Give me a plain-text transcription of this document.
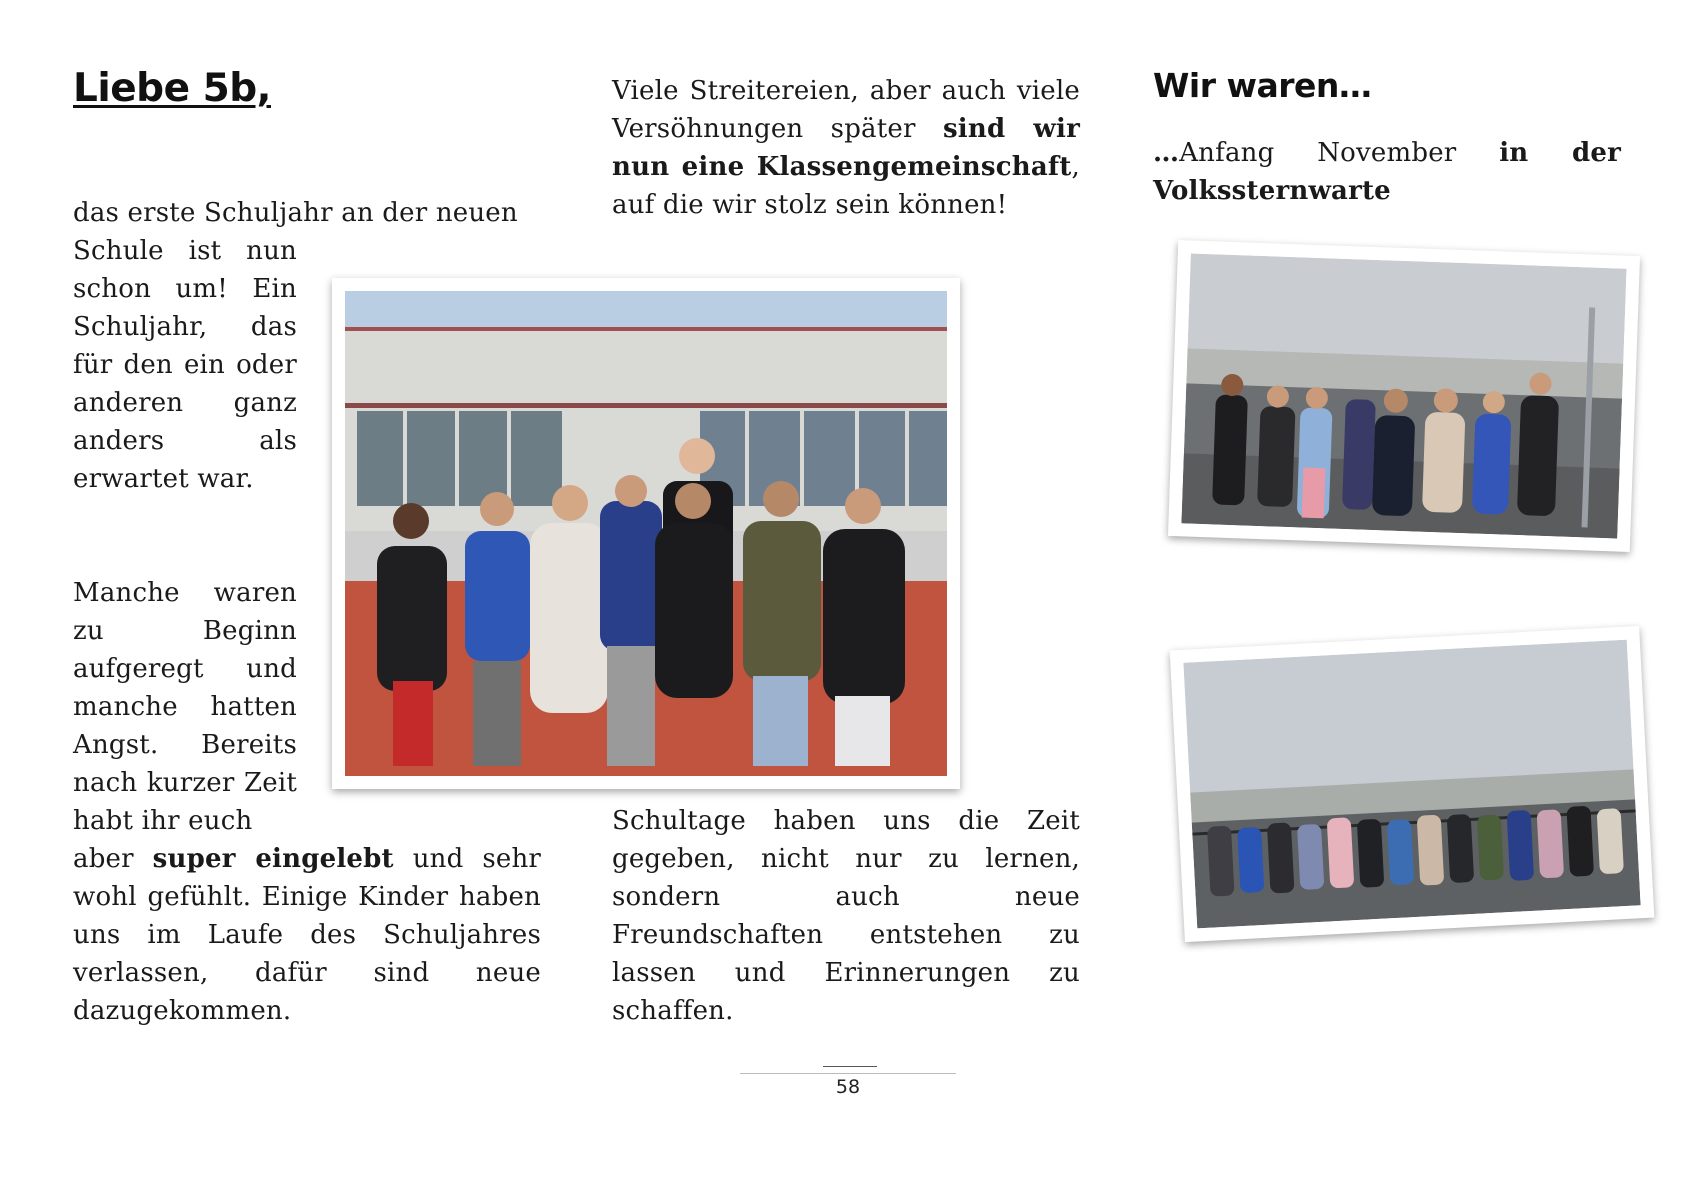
Liebe 5b,
das erste Schuljahr an der neuen
Schule ist nun schon um! Ein Schuljahr, das für den ein oder anderen ganz anders als erwartet war.
Manche waren zu Beginn aufgeregt und manche hatten Angst. Bereits nach kurzer Zeit habt ihr euch
aber super eingelebt und sehr wohl gefühlt. Einige Kinder haben uns im Laufe des Schuljahres verlassen, dafür sind neue dazugekommen.
Viele Streitereien, aber auch viele Versöhnungen später sind wir nun eine Klassengemeinschaft, auf die wir stolz sein können!
Schultage haben uns die Zeit gegeben, nicht nur zu lernen, sondern auch neue Freundschaften entstehen zu lassen und Erinnerungen zu schaffen.
Wir waren…
…Anfang November in der Volkssternwarte
58
